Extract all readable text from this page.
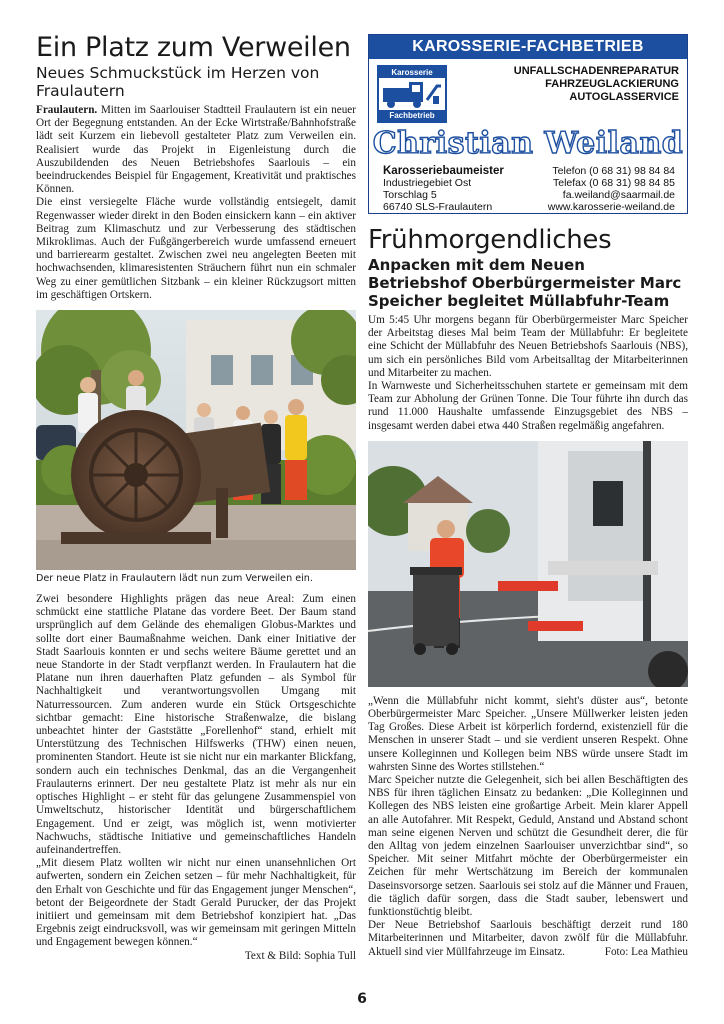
Ein Platz zum Verweilen
Neues Schmuckstück im Herzen von Fraulautern

Fraulautern. Mitten im Saarlouiser Stadtteil Fraulautern ist ein neuer Ort der Begegnung entstanden. An der Ecke Wirtstraße/Bahnhofstraße lädt seit Kurzem ein liebevoll gestalteter Platz zum Verweilen ein. Realisiert wurde das Projekt in Eigenleistung durch die Auszubildenden des Neuen Betriebshofes Saarlouis – ein beeindruckendes Beispiel für Engagement, Kreativität und praktisches Können.

Die einst versiegelte Fläche wurde vollständig entsiegelt, damit Regenwasser wieder direkt in den Boden einsickern kann – ein aktiver Beitrag zum Klimaschutz und zur Verbesserung des städtischen Mikroklimas. Auch der Fußgängerbereich wurde umfassend erneuert und barrierearm gestaltet. Zwischen zwei neu angelegten Beeten mit hochwachsenden, klimaresistenten Sträuchern führt nun ein schmaler Weg zu einer gemütlichen Sitzbank – ein kleiner Rückzugsort mitten im geschäftigen Ortskern.

Der neue Platz in Fraulautern lädt nun zum Verweilen ein.

Zwei besondere Highlights prägen das neue Areal: Zum einen schmückt eine stattliche Platane das vordere Beet. Der Baum stand ursprünglich auf dem Gelände des ehemaligen Globus-Marktes und sollte dort einer Baumaßnahme weichen. Dank einer Initiative der Stadt Saarlouis konnten er und sechs weitere Bäume gerettet und an neue Standorte in der Stadt verpflanzt werden. In Fraulautern hat die Platane nun ihren dauerhaften Platz gefunden – als Symbol für Nachhaltigkeit und verantwortungsvollen Umgang mit Naturressourcen. Zum anderen wurde ein Stück Ortsgeschichte sichtbar gemacht: Eine historische Straßenwalze, die bislang unbeachtet hinter der Gaststätte „Forellenhof“ stand, erhielt mit Unterstützung des Technischen Hilfswerks (THW) einen neuen, prominenten Standort. Heute ist sie nicht nur ein markanter Blickfang, sondern auch ein technisches Denkmal, das an die Vergangenheit Fraulauterns erinnert. Der neu gestaltete Platz ist mehr als nur ein optisches Highlight – er steht für das gelungene Zusammenspiel von Umweltschutz, historischer Identität und bürgerschaftlichem Engagement. Und er zeigt, was möglich ist, wenn motivierter Nachwuchs, städtische Initiative und gemeinschaftliches Handeln aufeinandertreffen.

„Mit diesem Platz wollten wir nicht nur einen unansehnlichen Ort aufwerten, sondern ein Zeichen setzen – für mehr Nachhaltigkeit, für den Erhalt von Geschichte und für das Engagement junger Menschen“, betont der Beigeordnete der Stadt Gerald Purucker, der das Projekt initiiert und gemeinsam mit dem Betriebshof konzipiert hat. „Das Ergebnis zeigt eindrucksvoll, was wir gemeinsam mit geringen Mitteln und Engagement bewegen können.“

Text & Bild: Sophia Tull
KAROSSERIE-FACHBETRIEB
Karosserie
Fachbetrieb
UNFALLSCHADENREPARATUR
FAHRZEUGLACKIERUNG
AUTOGLASSERVICE
Christian Weiland
Karosseriebaumeister
Industriegebiet Ost
Torschlag 5
66740 SLS-Fraulautern
Telefon (0 68 31) 98 84 84
Telefax (0 68 31) 98 84 85
fa.weiland@saarmail.de
www.karosserie-weiland.de
Frühmorgendliches
Anpacken mit dem Neuen Betriebshof Oberbürgermeister Marc Speicher begleitet Müllabfuhr-Team

Um 5:45 Uhr morgens begann für Oberbürgermeister Marc Speicher der Arbeitstag dieses Mal beim Team der Müllabfuhr: Er begleitete eine Schicht der Müllabfuhr des Neuen Betriebshofs Saarlouis (NBS), um sich ein persönliches Bild vom Arbeitsalltag der Mitarbeiterinnen und Mitarbeiter zu machen.

In Warnweste und Sicherheitsschuhen startete er gemeinsam mit dem Team zur Abholung der Grünen Tonne. Die Tour führte ihn durch das rund 11.000 Haushalte umfassende Einzugsgebiet des NBS – insgesamt werden dabei etwa 440 Straßen regelmäßig angefahren.

„Wenn die Müllabfuhr nicht kommt, sieht's düster aus“, betonte Oberbürgermeister Marc Speicher. „Unsere Müllwerker leisten jeden Tag Großes. Diese Arbeit ist körperlich fordernd, existenziell für die Menschen in unserer Stadt – und sie verdient unseren Respekt. Ohne unsere Kolleginnen und Kollegen beim NBS würde unsere Stadt im wahrsten Sinne des Wortes stillstehen.“

Marc Speicher nutzte die Gelegenheit, sich bei allen Beschäftigten des NBS für ihren täglichen Einsatz zu bedanken: „Die Kolleginnen und Kollegen des NBS leisten eine großartige Arbeit. Mein klarer Appell an alle Autofahrer. Mit Respekt, Geduld, Anstand und Abstand schont man seine eigenen Nerven und schützt die Gesundheit derer, die für den Alltag von jedem einzelnen Saarlouiser unverzichtbar sind“, so Speicher. Mit seiner Mitfahrt möchte der Oberbürgermeister ein Zeichen für mehr Wertschätzung im Bereich der kommunalen Daseinsvorsorge setzen. Saarlouis sei stolz auf die Männer und Frauen, die täglich dafür sorgen, dass die Stadt sauber, lebenswert und funktionstüchtig bleibt.

Der Neue Betriebshof Saarlouis beschäftigt derzeit rund 180 Mitarbeiterinnen und Mitarbeiter, davon zwölf für die Müllabfuhr. Aktuell sind vier Müllfahrzeuge im Einsatz.	Foto: Lea Mathieu

6
